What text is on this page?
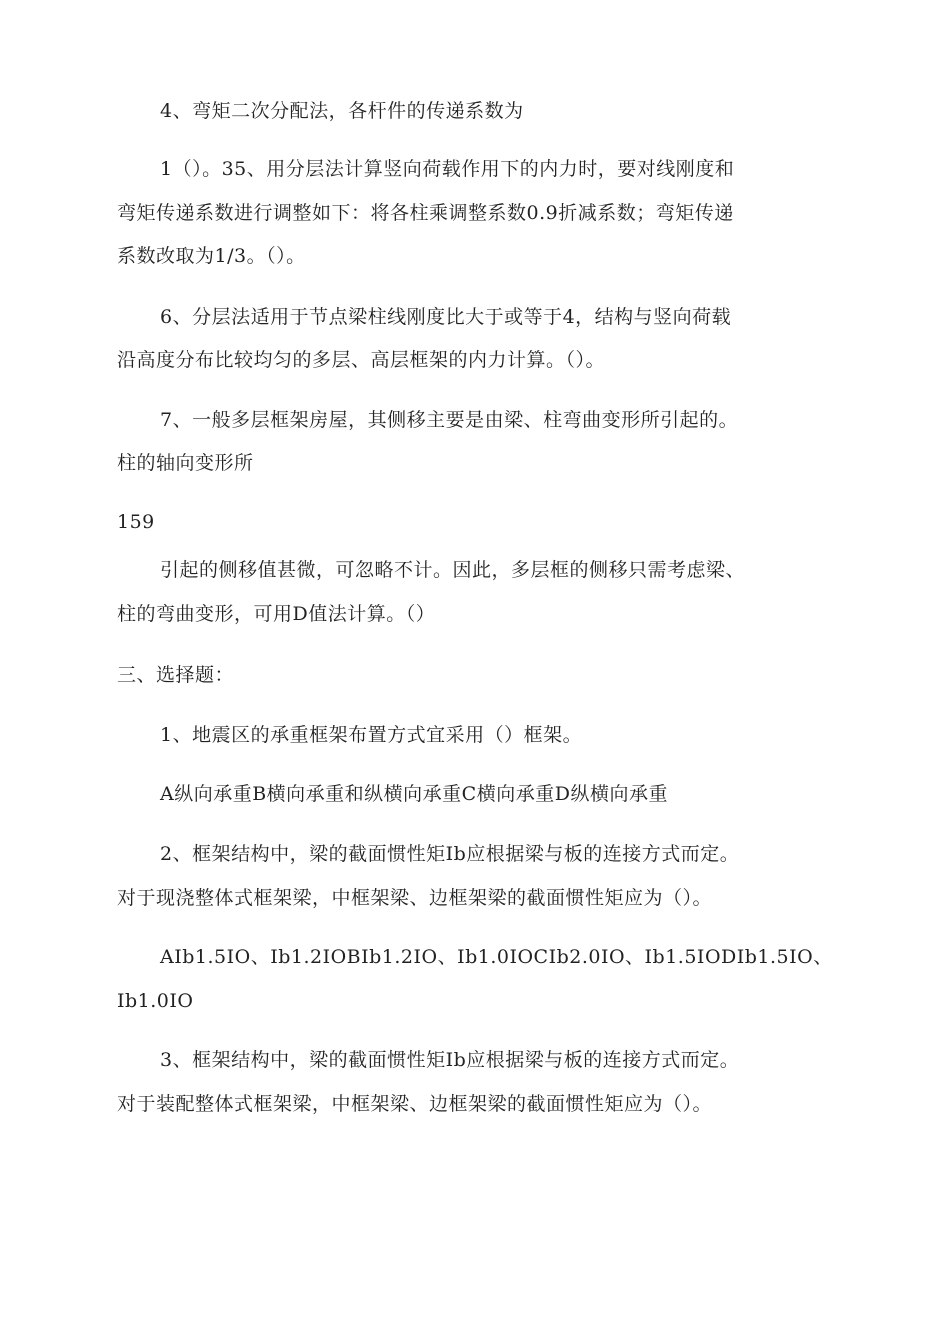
4、弯矩二次分配法，各杆件的传递系数为
1（）。35、用分层法计算竖向荷载作用下的内力时，要对线刚度和
弯矩传递系数进行调整如下：将各柱乘调整系数0.9折减系数；弯矩传递
系数改取为1/3。（）。
6、分层法适用于节点梁柱线刚度比大于或等于4，结构与竖向荷载
沿高度分布比较均匀的多层、高层框架的内力计算。（）。
7、一般多层框架房屋，其侧移主要是由梁、柱弯曲变形所引起的。
柱的轴向变形所
159
引起的侧移值甚微，可忽略不计。因此，多层框的侧移只需考虑梁、
柱的弯曲变形，可用D值法计算。（）
三、选择题：
1、地震区的承重框架布置方式宜采用（）框架。
A纵向承重B横向承重和纵横向承重C横向承重D纵横向承重
2、框架结构中，梁的截面惯性矩Ib应根据梁与板的连接方式而定。
对于现浇整体式框架梁，中框架梁、边框架梁的截面惯性矩应为（）。
AIb1.5IO、Ib1.2IOBIb1.2IO、Ib1.0IOCIb2.0IO、Ib1.5IODIb1.5IO、
Ib1.0IO
3、框架结构中，梁的截面惯性矩Ib应根据梁与板的连接方式而定。
对于装配整体式框架梁，中框架梁、边框架梁的截面惯性矩应为（）。
